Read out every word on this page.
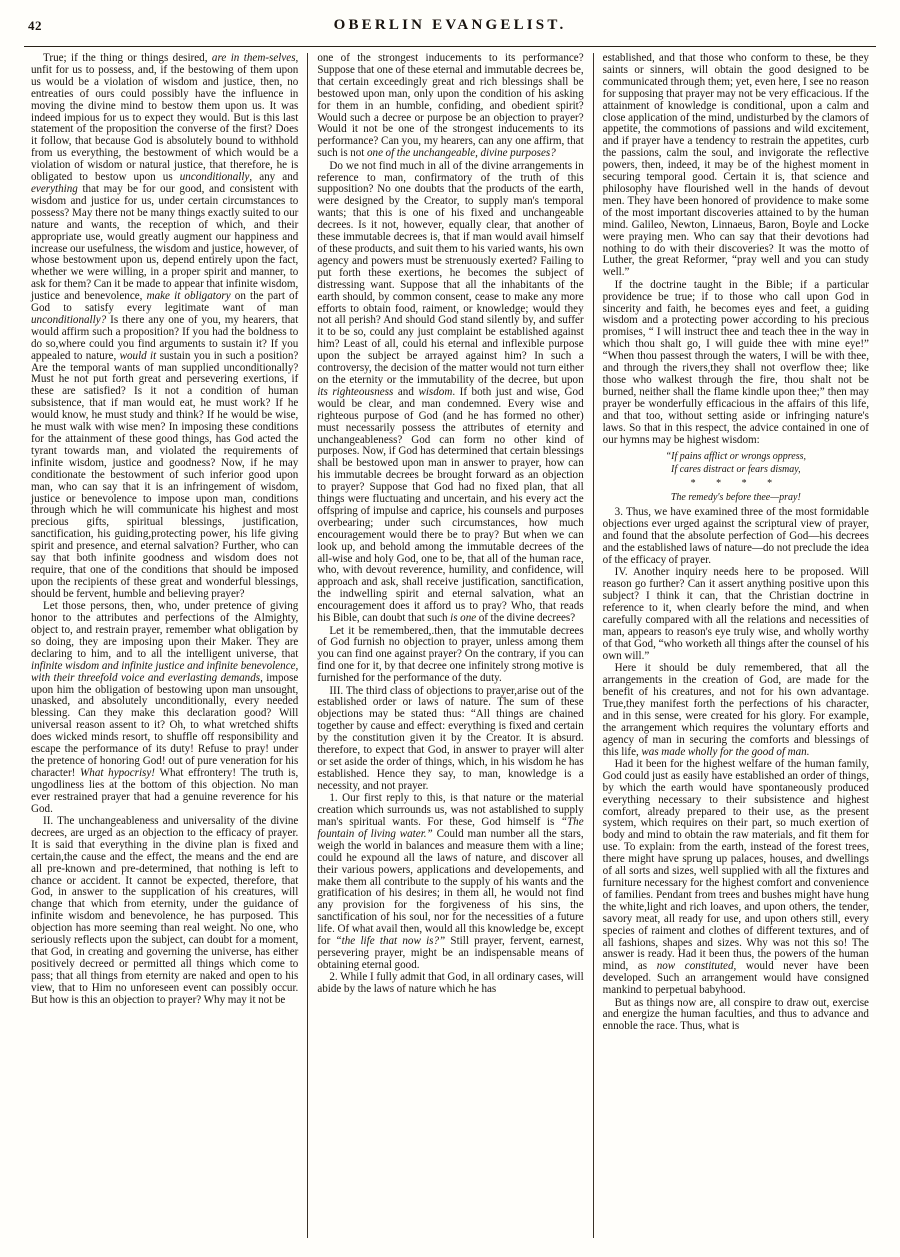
42	OBERLIN EVANGELIST.

True; if the thing or things desired, are in them-selves, unfit for us to possess, and, if the bestowing of them upon us would be a violation of wisdom and justice, then, no entreaties of ours could possibly have the influence in moving the divine mind to bestow them upon us. It was indeed impious for us to expect they would. But is this last statement of the proposition the converse of the first? Does it follow, that because God is absolutely bound to withhold from us everything, the bestowment of which would be a violation of wisdom or natural justice, that therefore, he is obligated to bestow upon us unconditionally, any and everything that may be for our good, and consistent with wisdom and justice for us, under certain circumstances to possess? May there not be many things exactly suited to our nature and wants, the reception of which, and their appropriate use, would greatly augment our happiness and increase our usefulness, the wisdom and justice, however, of whose bestowment upon us, depend entirely upon the fact, whether we were willing, in a proper spirit and manner, to ask for them? Can it be made to appear that infinite wisdom, justice and benevolence, make it obligatory on the part of God to satisfy every legitimate want of man unconditionally? Is there any one of you, my hearers, that would affirm such a proposition? If you had the boldness to do so,where could you find arguments to sustain it? If you appealed to nature, would it sustain you in such a position? Are the temporal wants of man supplied unconditionally? Must he not put forth great and persevering exertions, if these are satisfied? Is it not a condition of human subsistence, that if man would eat, he must work? If he would know, he must study and think? If he would be wise, he must walk with wise men? In imposing these conditions for the attainment of these good things, has God acted the tyrant towards man, and violated the requirements of infinite wisdom, justice and goodness? Now, if he may conditionate the bestowment of such inferior good upon man, who can say that it is an infringement of wisdom, justice or benevolence to impose upon man, conditions through which he will communicate his highest and most precious gifts, spiritual blessings, justification, sanctification, his guiding,protecting power, his life giving spirit and presence, and eternal salvation? Further, who can say that both infinite goodness and wisdom does not require, that one of the conditions that should be imposed upon the recipients of these great and wonderful blessings, should be fervent, humble and believing prayer?

Let those persons, then, who, under pretence of giving honor to the attributes and perfections of the Almighty, object to, and restrain prayer, remember what obligation by so doing, they are imposing upon their Maker. They are declaring to him, and to all the intelligent universe, that infinite wisdom and infinite justice and infinite benevolence, with their threefold voice and everlasting demands, impose upon him the obligation of bestowing upon man unsought, unasked, and absolutely unconditionally, every needed blessing. Can they make this declaration good? Will universal reason assent to it? Oh, to what wretched shifts does wicked minds resort, to shuffle off responsibility and escape the performance of its duty! Refuse to pray! under the pretence of honoring God! out of pure veneration for his character! What hypocrisy! What effrontery! The truth is, ungodliness lies at the bottom of this objection. No man ever restrained prayer that had a genuine reverence for his God.

II. The unchangeableness and universality of the divine decrees, are urged as an objection to the efficacy of prayer. It is said that everything in the divine plan is fixed and certain,the cause and the effect, the means and the end are all pre-known and pre-determined, that nothing is left to chance or accident. It cannot be expected, therefore, that God, in answer to the supplication of his creatures, will change that which from eternity, under the guidance of infinite wisdom and benevolence, he has purposed. This objection has more seeming than real weight. No one, who seriously reflects upon the subject, can doubt for a moment, that God, in creating and governing the universe, has either positively decreed or permitted all things which come to pass; that all things from eternity are naked and open to his view, that to Him no unforeseen event can possibly occur. But how is this an objection to prayer? Why may it not be

one of the strongest inducements to its performance? Suppose that one of these eternal and immutable decrees be, that certain exceedingly great and rich blessings shall be bestowed upon man, only upon the condition of his asking for them in an humble, confiding, and obedient spirit? Would such a decree or purpose be an objection to prayer? Would it not be one of the strongest inducements to its performance? Can you, my hearers, can any one affirm, that such is not one of the unchangeable, divine purposes?

Do we not find much in all of the divine arrangements in reference to man, confirmatory of the truth of this supposition? No one doubts that the products of the earth, were designed by the Creator, to supply man's temporal wants; that this is one of his fixed and unchangeable decrees. Is it not, however, equally clear, that another of these immutable decrees is, that if man would avail himself of these products, and suit them to his varied wants, his own agency and powers must be strenuously exerted? Failing to put forth these exertions, he becomes the subject of distressing want. Suppose that all the inhabitants of the earth should, by common consent, cease to make any more efforts to obtain food, raiment, or knowledge; would they not all perish? And should God stand silently by, and suffer it to be so, could any just complaint be established against him? Least of all, could his eternal and inflexible purpose upon the subject be arrayed against him? In such a controversy, the decision of the matter would not turn either on the eternity or the immutability of the decree, but upon its righteousness and wisdom. If both just and wise, God would be clear, and man condemned. Every wise and righteous purpose of God (and he has formed no other) must necessarily possess the attributes of eternity and unchangeableness? God can form no other kind of purposes. Now, if God has determined that certain blessings shall be bestowed upon man in answer to prayer, how can his immutable decrees be brought forward as an objection to prayer? Suppose that God had no fixed plan, that all things were fluctuating and uncertain, and his every act the offspring of impulse and caprice, his counsels and purposes overbearing; under such circumstances, how much encouragement would there be to pray? But when we can look up, and behold among the immutable decrees of the all-wise and holy God, one to be, that all of the human race, who, with devout reverence, humility, and confidence, will approach and ask, shall receive justification, sanctification, the indwelling spirit and eternal salvation, what an encouragement does it afford us to pray? Who, that reads his Bible, can doubt that such is one of the divine decrees?

Let it be remembered,.then, that the immutable decrees of God furnish no objection to prayer, unless among them you can find one against prayer? On the contrary, if you can find one for it, by that decree one infinitely strong motive is furnished for the performance of the duty.

III. The third class of objections to prayer,arise out of the established order or laws of nature. The sum of these objections may be stated thus: “All things are chained together by cause and effect: everything is fixed and certain by the constitution given it by the Creator. It is absurd. therefore, to expect that God, in answer to prayer will alter or set aside the order of things, which, in his wisdom he has established. Hence they say, to man, knowledge is a necessity, and not prayer.

1. Our first reply to this, is that nature or the material creation which surrounds us, was not astablished to supply man's spiritual wants. For these, God himself is “The fountain of living water.” Could man number all the stars, weigh the world in balances and measure them with a line; could he expound all the laws of nature, and discover all their various powers, applications and developements, and make them all contribute to the supply of his wants and the gratification of his desires; in them all, he would not find any provision for the forgiveness of his sins, the sanctification of his soul, nor for the necessities of a future life. Of what avail then, would all this knowledge be, except for “the life that now is?” Still prayer, fervent, earnest, persevering prayer, might be an indispensable means of obtaining eternal good.

2. While I fully admit that God, in all ordinary cases, will abide by the laws of nature which he has

established, and that those who conform to these, be they saints or sinners, will obtain the good designed to be communicated through them; yet, even here, I see no reason for supposing that prayer may not be very efficacious. If the attainment of knowledge is conditional, upon a calm and close application of the mind, undisturbed by the clamors of appetite, the commotions of passions and wild excitement, and if prayer have a tendency to restrain the appetites, curb the passions, calm the soul, and invigorate the reflective powers, then, indeed, it may be of the highest moment in securing temporal good. Certain it is, that science and philosophy have flourished well in the hands of devout men. They have been honored of providence to make some of the most important discoveries attained to by the human mind. Galileo, Newton, Linnaeus, Baron, Boyle and Locke were praying men. Who can say that their devotions had nothing to do with their discoveries? It was the motto of Luther, the great Reformer, “pray well and you can study well.”

If the doctrine taught in the Bible; if a particular providence be true; if to those who call upon God in sincerity and faith, he becomes eyes and feet, a guiding wisdom and a protecting power according to his precious promises, “ I will instruct thee and teach thee in the way in which thou shalt go, I will guide thee with mine eye!” “When thou passest through the waters, I will be with thee, and through the rivers,they shall not overflow thee; like those who walkest through the fire, thou shalt not be burned, neither shall the flame kindle upon thee;” then may prayer be wonderfully efficacious in the affairs of this life, and that too, without setting aside or infringing nature's laws. So that in this respect, the advice contained in one of our hymns may be highest wisdom:

“If pains afflict or wrongs oppress,
If cares distract or fears dismay,
* * * *
The remedy's before thee—pray!

3. Thus, we have examined three of the most formidable objections ever urged against the scriptural view of prayer, and found that the absolute perfection of God—his decrees and the established laws of nature—do not preclude the idea of the efficacy of prayer.

IV. Another inquiry needs here to be proposed. Will reason go further? Can it assert anything positive upon this subject? I think it can, that the Christian doctrine in reference to it, when clearly before the mind, and when carefully compared with all the relations and necessities of man, appears to reason's eye truly wise, and wholly worthy of that God, “who worketh all things after the counsel of his own will.”

Here it should be duly remembered, that all the arrangements in the creation of God, are made for the benefit of his creatures, and not for his own advantage. True,they manifest forth the perfections of his character, and in this sense, were created for his glory. For example, the arrangement which requires the voluntary efforts and agency of man in securing the comforts and blessings of this life, was made wholly for the good of man.

Had it been for the highest welfare of the human family, God could just as easily have established an order of things, by which the earth would have spontaneously produced everything necessary to their subsistence and highest comfort, already prepared to their use, as the present system, which requires on their part, so much exertion of body and mind to obtain the raw materials, and fit them for use. To explain: from the earth, instead of the forest trees, there might have sprung up palaces, houses, and dwellings of all sorts and sizes, well supplied with all the fixtures and furniture necessary for the highest comfort and convenience of families. Pendant from trees and bushes might have hung the white,light and rich loaves, and upon others, the tender, savory meat, all ready for use, and upon others still, every species of raiment and clothes of different textures, and of all fashions, shapes and sizes. Why was not this so! The answer is ready. Had it been thus, the powers of the human mind, as now constituted, would never have been developed. Such an arrangement would have consigned mankind to perpetual babyhood.

But as things now are, all conspire to draw out, exercise and energize the human faculties, and thus to advance and ennoble the race. Thus, what is
